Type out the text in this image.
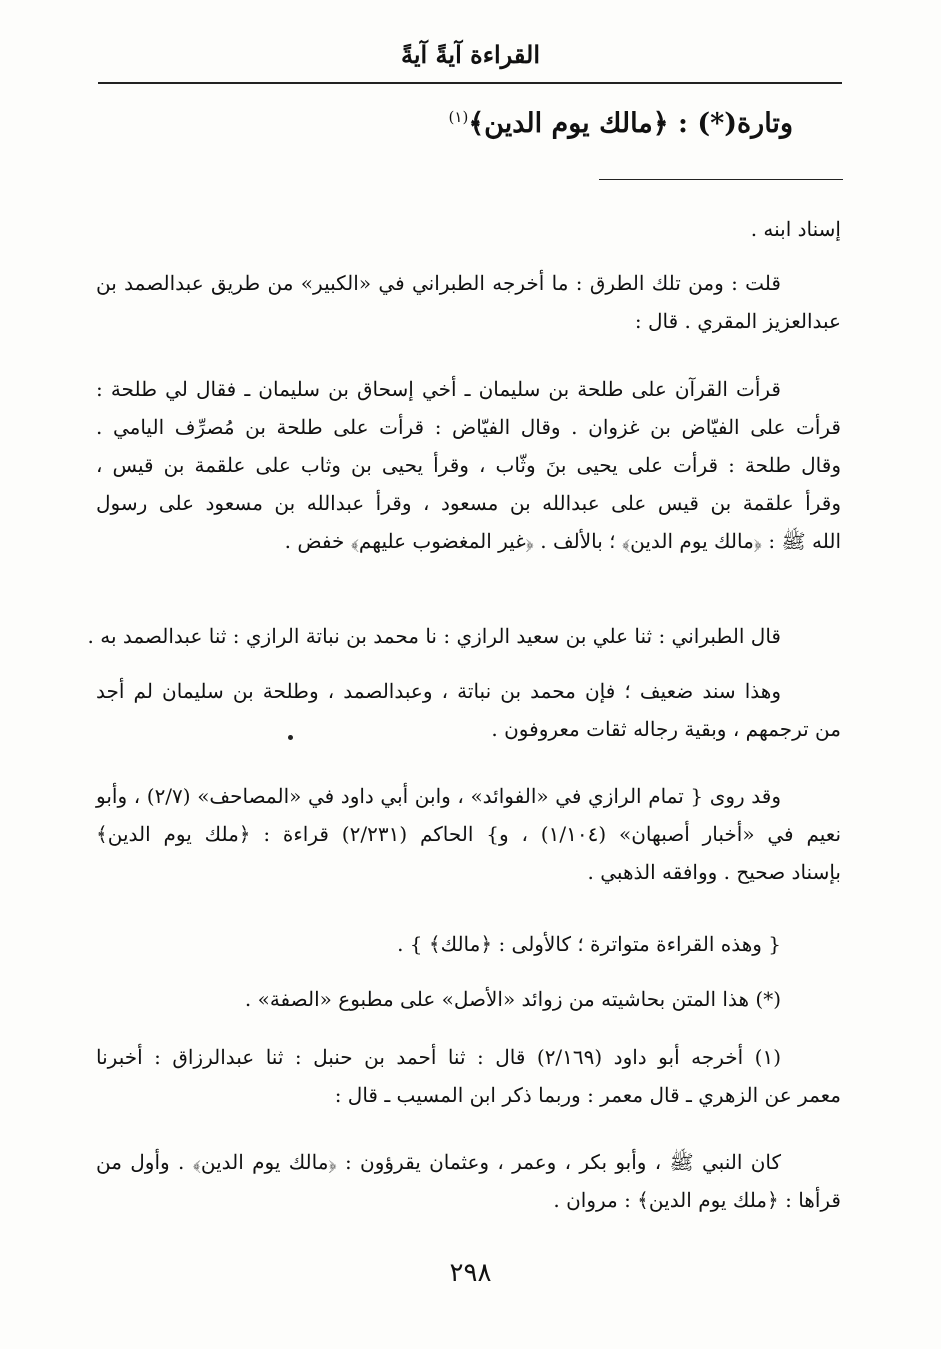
القراءة آيةً آيةً
وتارة(*) : ﴿مالك يوم الدين﴾$^{(١)}$
إسناد ابنه .
قلت : ومن تلك الطرق : ما أخرجه الطبراني في «الكبير» من طريق عبدالصمد بن
عبدالعزيز المقري . قال :
قرأت القرآن على طلحة بن سليمان ـ أخي إسحاق بن سليمان ـ فقال لي طلحة :
قرأت على الفيّاض بن غزوان . وقال الفيّاض : قرأت على طلحة بن مُصرِّف اليامي .
وقال طلحة : قرأت على يحيى بنَ وثّاب ، وقرأ يحيى بن وثاب على علقمة بن قيس ،
وقرأ علقمة بن قيس على عبدالله بن مسعود ، وقرأ عبدالله بن مسعود على رسول
الله ﷺ : ﴿مالك يوم الدين﴾ ؛ بالألف . ﴿غير المغضوب عليهم﴾ خفض .
قال الطبراني : ثنا علي بن سعيد الرازي : نا محمد بن نباتة الرازي : ثنا عبدالصمد به .
وهذا سند ضعيف ؛ فإن محمد بن نباتة ، وعبدالصمد ، وطلحة بن سليمان لم أجد
من ترجمهم ، وبقية رجاله ثقات معروفون .
وقد روى { تمام الرازي في «الفوائد» ، وابن أبي داود في «المصاحف» (٢/٧) ، وأبو
نعيم في «أخبار أصبهان» (١/١٠٤) ، و} الحاكم (٢/٢٣١) قراءة : ﴿ملك يوم الدين﴾
بإسناد صحيح . ووافقه الذهبي .
{ وهذه القراءة متواترة ؛ كالأولى : ﴿مالك﴾ } .
(*) هذا المتن بحاشيته من زوائد «الأصل» على مطبوع «الصفة» .
(١) أخرجه أبو داود (٢/١٦٩) قال : ثنا أحمد بن حنبل : ثنا عبدالرزاق : أخبرنا
معمر عن الزهري ـ قال معمر : وربما ذكر ابن المسيب ـ قال :
كان النبي ﷺ ، وأبو بكر ، وعمر ، وعثمان يقرؤون : ﴿مالك يوم الدين﴾ . وأول من
قرأها : ﴿ملك يوم الدين﴾ : مروان .
٢٩٨
